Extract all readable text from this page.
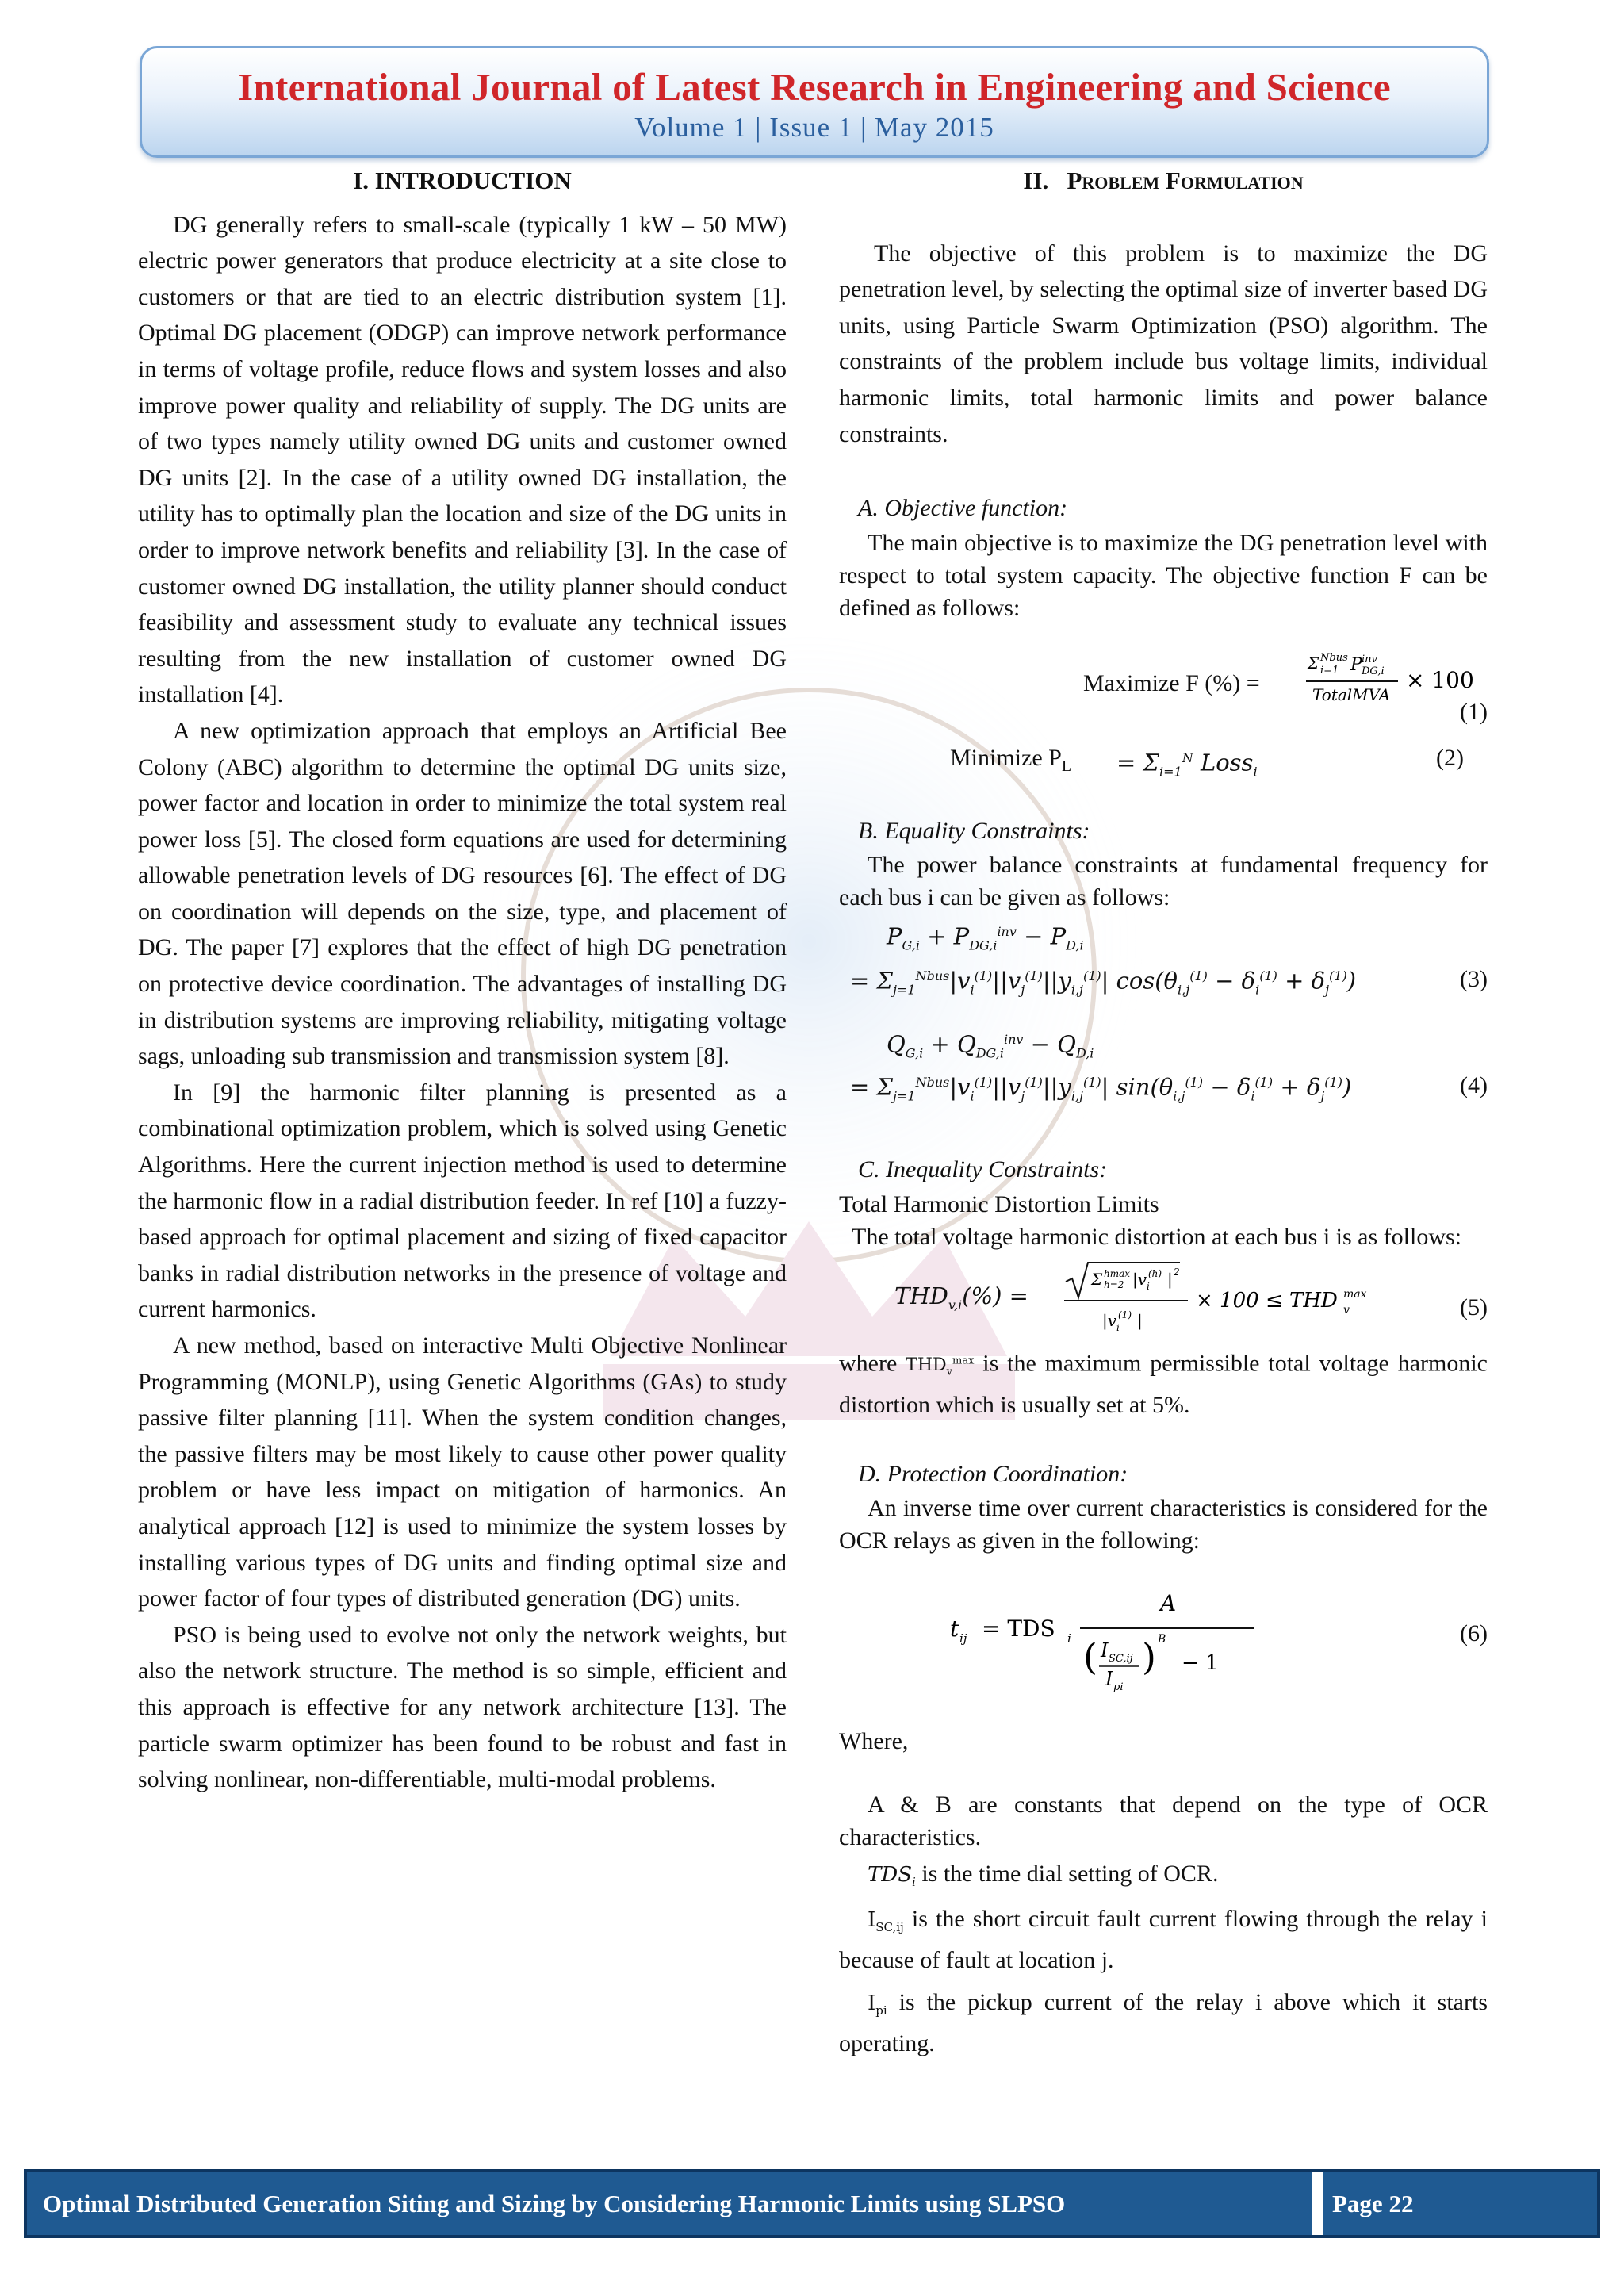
International Journal of Latest Research in Engineering and Science
Volume 1 | Issue 1 | May 2015
I. INTRODUCTION

DG generally refers to small-scale (typically 1 kW – 50 MW) electric power generators that produce electricity at a site close to customers or that are tied to an electric distribution system [1]. Optimal DG placement (ODGP) can improve network performance in terms of voltage profile, reduce flows and system losses and also improve power quality and reliability of supply. The DG units are of two types namely utility owned DG units and customer owned DG units [2]. In the case of a utility owned DG installation, the utility has to optimally plan the location and size of the DG units in order to improve network benefits and reliability [3]. In the case of customer owned DG installation, the utility planner should conduct feasibility and assessment study to evaluate any technical issues resulting from the new installation of customer owned DG installation [4].

A new optimization approach that employs an Artificial Bee Colony (ABC) algorithm to determine the optimal DG units size, power factor and location in order to minimize the total system real power loss [5]. The closed form equations are used for determining allowable penetration levels of DG resources [6]. The effect of DG on coordination will depends on the size, type, and placement of DG. The paper [7] explores that the effect of high DG penetration on protective device coordination. The advantages of installing DG in distribution systems are improving reliability, mitigating voltage sags, unloading sub transmission and transmission system [8].

In [9] the harmonic filter planning is presented as a combinational optimization problem, which is solved using Genetic Algorithms. Here the current injection method is used to determine the harmonic flow in a radial distribution feeder. In ref [10] a fuzzy-based approach for optimal placement and sizing of fixed capacitor banks in radial distribution networks in the presence of voltage and current harmonics.

A new method, based on interactive Multi Objective Nonlinear Programming (MONLP), using Genetic Algorithms (GAs) to study passive filter planning [11]. When the system condition changes, the passive filters may be most likely to cause other power quality problem or have less impact on mitigation of harmonics. An analytical approach [12] is used to minimize the system losses by installing various types of DG units and finding optimal size and power factor of four types of distributed generation (DG) units.

PSO is being used to evolve not only the network weights, but also the network structure. The method is so simple, efficient and this approach is effective for any network architecture [13]. The particle swarm optimizer has been found to be robust and fast in solving nonlinear, non-differentiable, multi-modal problems.

II. Problem Formulation

The objective of this problem is to maximize the DG penetration level, by selecting the optimal size of inverter based DG units, using Particle Swarm Optimization (PSO) algorithm. The constraints of the problem include bus voltage limits, individual harmonic limits, total harmonic limits and power balance constraints.

A. Objective function:

The main objective is to maximize the DG penetration level with respect to total system capacity. The objective function F can be defined as follows:

Maximize F (%) =
Σ Nbus
i=1 P inv
DG,i
TotalMVA
× 100
(1)
Minimize $P_L = \Sigma_{i=1}^N$ Loss$_i$
(2)
B. Equality Constraints:

The power balance constraints at fundamental frequency for each bus i can be given as follows:

$P_{G,i} + P_{DG,i}^{inv} - P_{D,i}$
= $\Sigma_{j=1}^{Nbus}|v_i^{(1)}||v_j^{(1)}||y_{i,j}^{(1)}|$ $\cos(\theta_{i,j}^{(1)} - \delta_i^{(1)} + \delta_j^{(1)})$	(3)
$Q_{G,i} + Q_{DG,i}^{inv} - Q_{D,i}$
= $\Sigma_{j=1}^{Nbus}|v_i^{(1)}||v_j^{(1)}||y_{i,j}^{(1)}|$ $\sin(\theta_{i,j}^{(1)} - \delta_i^{(1)} + \delta_j^{(1)})$	(4)
C. Inequality Constraints:
Total Harmonic Distortion Limits

The total voltage harmonic distortion at each bus i is as follows:

$THD_{v,i}(\%)$ =
Σ hmax
h=2 |v (h)
i | 2
|v (1)
i |
× 100 ≤ THD max
v	(5)

where $THD_v^{max}$ is the maximum permissible total voltage harmonic distortion which is usually set at 5%.

D. Protection Coordination:

An inverse time over current characteristics is considered for the OCR relays as given in the following:

t ij = TDS i
A
( I SC,ij
I pi
) B
− 1
(6)
Where,

A & B are constants that depend on the type of OCR characteristics.

$TDS_i$ is the time dial setting of OCR.

$I_{SC,ij}$ is the short circuit fault current flowing through the relay i because of fault at location j.

$I_{pi}$ is the pickup current of the relay i above which it starts operating.

Optimal Distributed Generation Siting and Sizing by Considering Harmonic Limits using SLPSO	Page 22
